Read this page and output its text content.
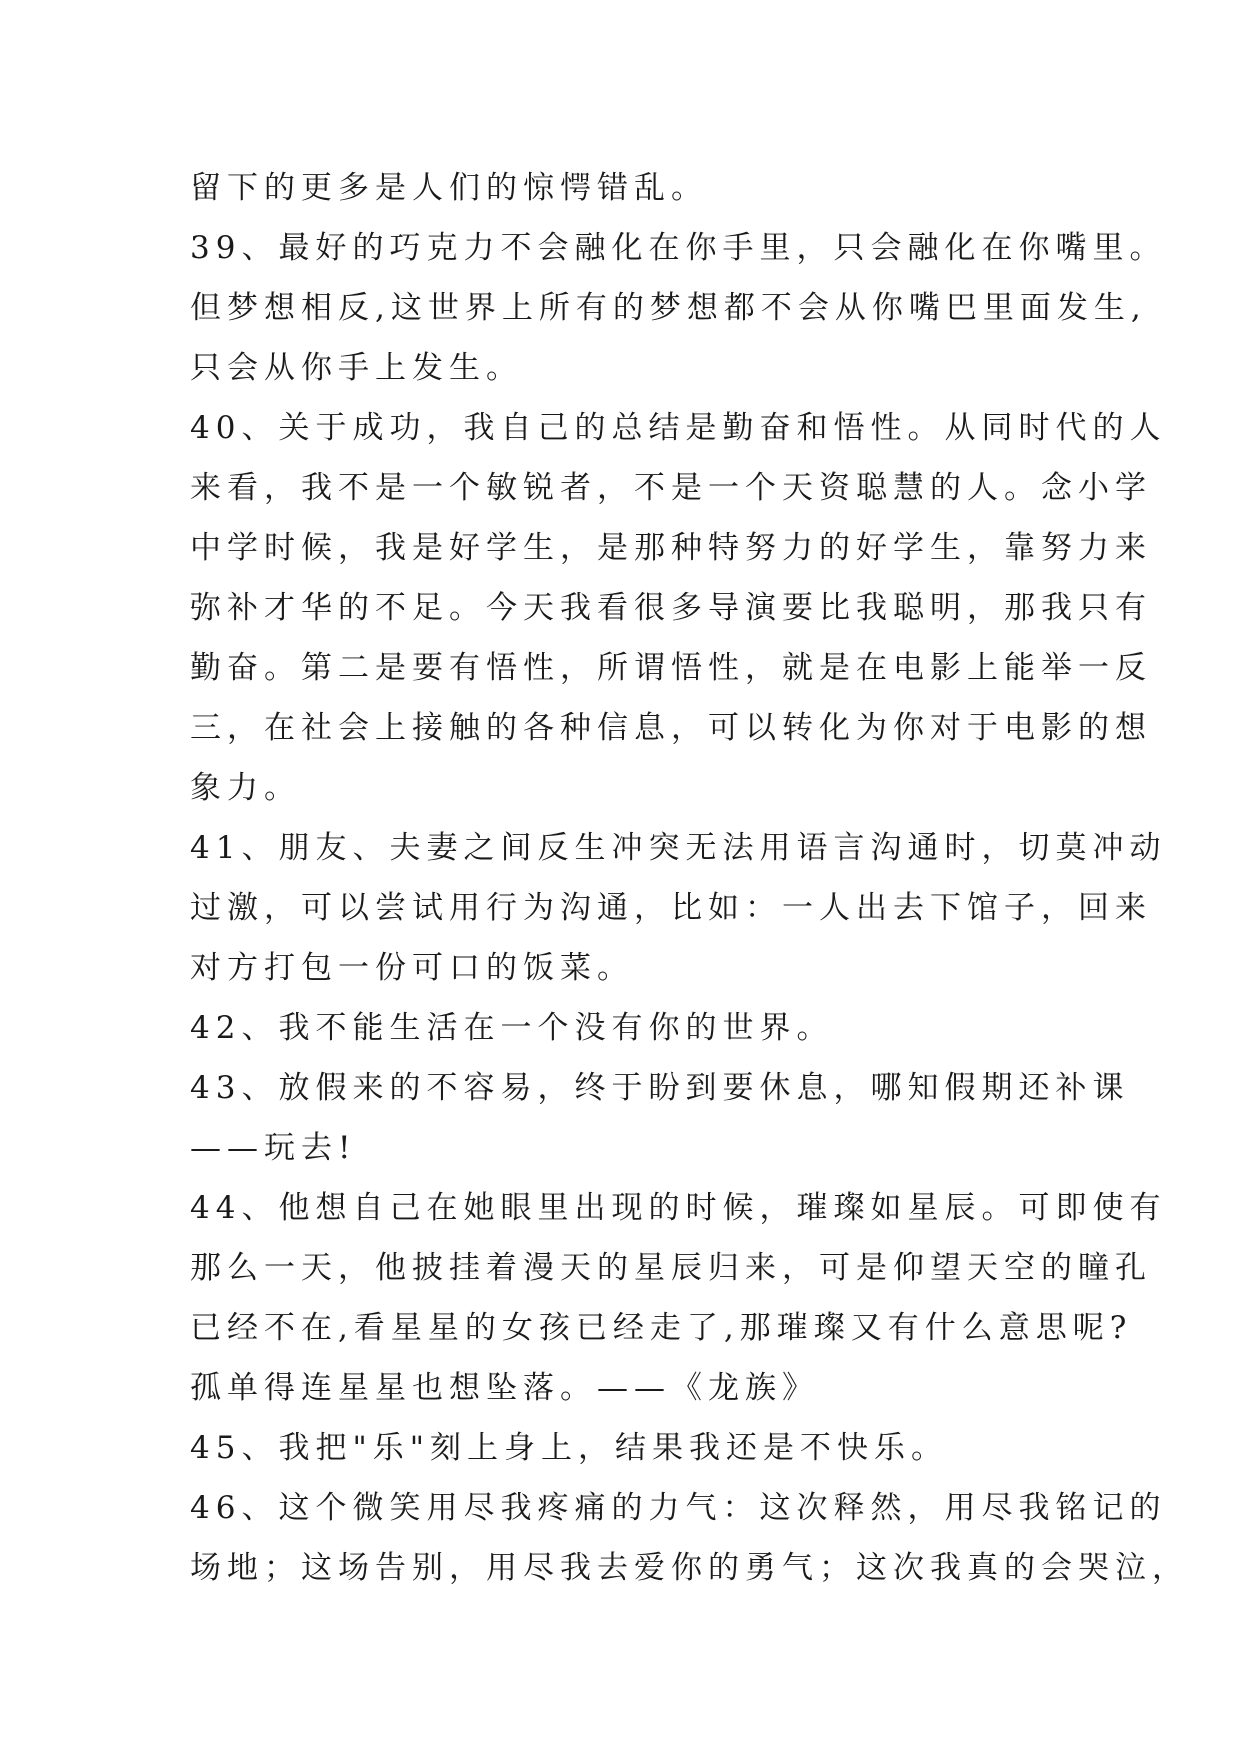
留下的更多是人们的惊愕错乱。
39、最好的巧克力不会融化在你手里，只会融化在你嘴里。
但梦想相反,这世界上所有的梦想都不会从你嘴巴里面发生,
只会从你手上发生。
40、关于成功，我自己的总结是勤奋和悟性。从同时代的人
来看，我不是一个敏锐者，不是一个天资聪慧的人。念小学
中学时候，我是好学生，是那种特努力的好学生，靠努力来
弥补才华的不足。今天我看很多导演要比我聪明，那我只有
勤奋。第二是要有悟性，所谓悟性，就是在电影上能举一反
三，在社会上接触的各种信息，可以转化为你对于电影的想
象力。
41、朋友、夫妻之间反生冲突无法用语言沟通时，切莫冲动
过激，可以尝试用行为沟通，比如：一人出去下馆子，回来
对方打包一份可口的饭菜。
42、我不能生活在一个没有你的世界。
43、放假来的不容易，终于盼到要休息，哪知假期还补课
——玩去!
44、他想自己在她眼里出现的时候，璀璨如星辰。可即使有
那么一天，他披挂着漫天的星辰归来，可是仰望天空的瞳孔
已经不在,看星星的女孩已经走了,那璀璨又有什么意思呢?
孤单得连星星也想坠落。——《龙族》
45、我把"乐"刻上身上，结果我还是不快乐。
46、这个微笑用尽我疼痛的力气：这次释然，用尽我铭记的
场地；这场告别，用尽我去爱你的勇气；这次我真的会哭泣，
